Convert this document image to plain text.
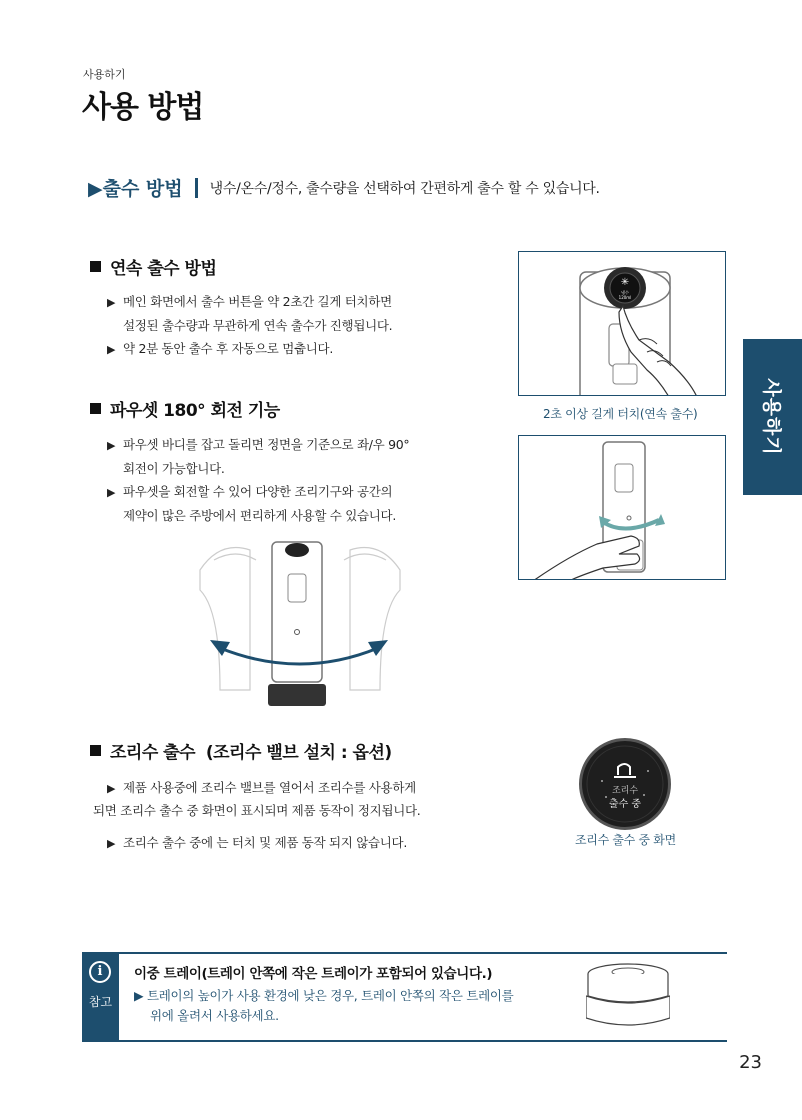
사용하기
사용 방법
▶출수 방법 냉수/온수/정수, 출수량을 선택하여 간편하게 출수 할 수 있습니다.
연속 출수 방법
▶ 메인 화면에서 출수 버튼을 약 2초간 길게 터치하면
설정된 출수량과 무관하게 연속 출수가 진행됩니다.
▶ 약 2분 동안 출수 후 자동으로 멈춥니다.
✳
냉수
120ml
2초 이상 길게 터치(연속 출수)
파우셋 180° 회전 기능
▶ 파우셋 바디를 잡고 돌리면 정면을 기준으로 좌/우 90°
회전이 가능합니다.
▶ 파우셋을 회전할 수 있어 다양한 조리기구와 공간의
제약이 많은 주방에서 편리하게 사용할 수 있습니다.
조리수 출수  (조리수 밸브 설치 : 옵션)
▶ 제품 사용중에 조리수 밸브를 열어서 조리수를 사용하게
되면 조리수 출수 중 화면이 표시되며 제품 동작이 정지됩니다.
▶ 조리수 출수 중에 는 터치 및 제품 동작 되지 않습니다.
조리수
출수 중
조리수 출수 중 화면
사용하기
i
참고
이중 트레이(트레이 안쪽에 작은 트레이가 포함되어 있습니다.)
▶ 트레이의 높이가 사용 환경에 낮은 경우, 트레이 안쪽의 작은 트레이를
위에 올려서 사용하세요.
23
